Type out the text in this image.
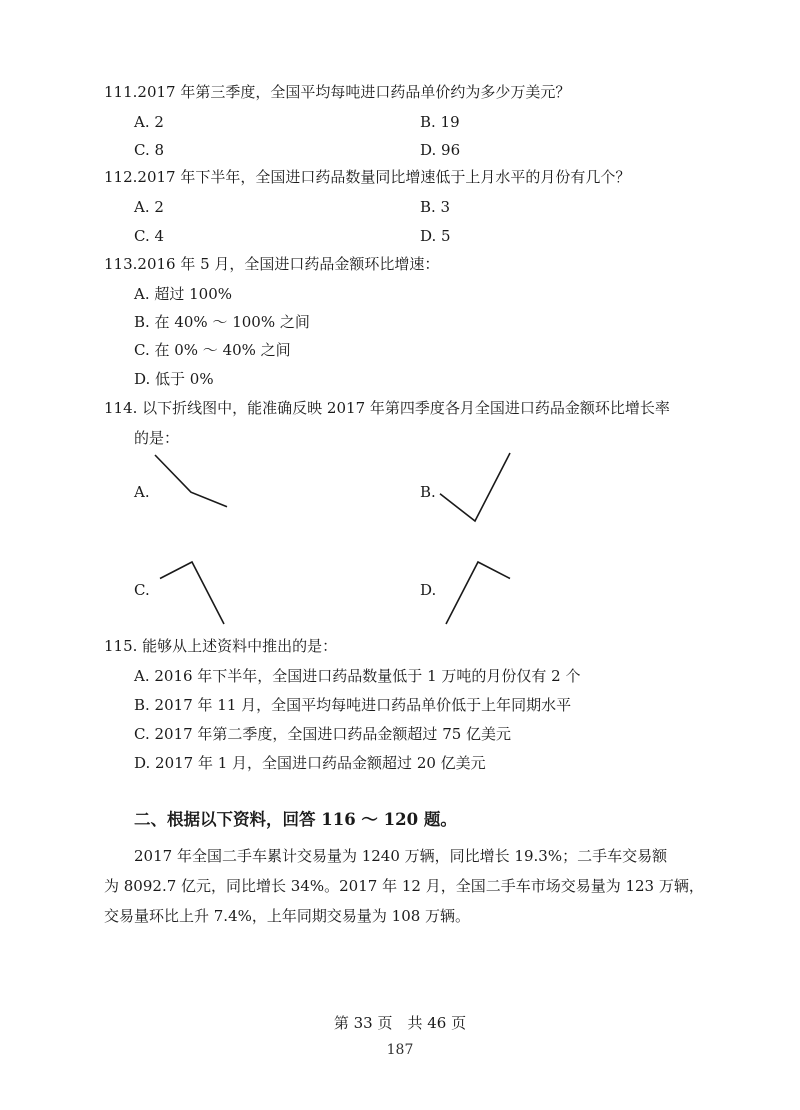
111.2017 年第三季度，全国平均每吨进口药品单价约为多少万美元？
A. 2	B. 19
C. 8	D. 96
112.2017 年下半年，全国进口药品数量同比增速低于上月水平的月份有几个？
A. 2	B. 3
C. 4	D. 5
113.2016 年 5 月，全国进口药品金额环比增速：
A. 超过 100%
B. 在 40% ～ 100% 之间
C. 在 0% ～ 40% 之间
D. 低于 0%
114. 以下折线图中，能准确反映 2017 年第四季度各月全国进口药品金额环比增长率
的是：
A.	B.
C.	D.
115. 能够从上述资料中推出的是：
A. 2016 年下半年，全国进口药品数量低于 1 万吨的月份仅有 2 个
B. 2017 年 11 月，全国平均每吨进口药品单价低于上年同期水平
C. 2017 年第二季度，全国进口药品金额超过 75 亿美元
D. 2017 年 1 月，全国进口药品金额超过 20 亿美元
二、根据以下资料，回答 116 ～ 120 题。
　　2017 年全国二手车累计交易量为 1240 万辆，同比增长 19.3%；二手车交易额
为 8092.7 亿元，同比增长 34%。2017 年 12 月，全国二手车市场交易量为 123 万辆，
交易量环比上升 7.4%，上年同期交易量为 108 万辆。
第 33 页　共 46 页
187
